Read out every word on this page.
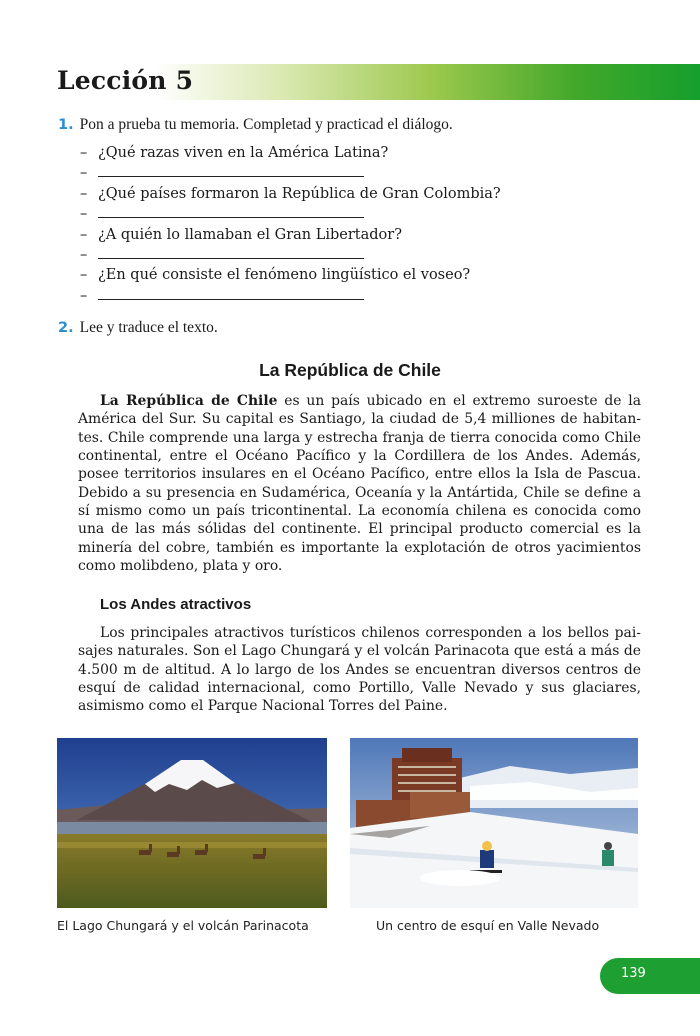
Lección 5
1. Pon a prueba tu memoria. Completad y practicad el diálogo.
– ¿Qué razas viven en la América Latina?
–
– ¿Qué países formaron la República de Gran Colombia?
–
– ¿A quién lo llamaban el Gran Libertador?
–
– ¿En qué consiste el fenómeno lingüístico el voseo?
–
2. Lee y traduce el texto.
La República de Chile

La República de Chile es un país ubicado en el extremo suroeste de la América del Sur. Su capital es Santiago, la ciudad de 5,4 milliones de habitantes. Chile comprende una larga y estrecha franja de tierra conocida como Chile continental, entre el Océano Pacífico y la Cordillera de los Andes. Además, posee territorios insulares en el Océano Pacífico, entre ellos la Isla de Pascua. Debido a su presencia en Sudamérica, Oceanía y la Antártida, Chile se define a sí mismo como un país tricontinental. La economía chilena es conocida como una de las más sólidas del continente. El principal producto comercial es la minería del cobre, también es importante la explotación de otros yacimientos como molibdeno, plata y oro.

Los Andes atractivos

Los principales atractivos turísticos chilenos corresponden a los bellos paisajes naturales. Son el Lago Chungará y el volcán Parinacota que está a más de 4.500 m de altitud. A lo largo de los Andes se encuentran diversos centros de esquí de calidad internacional, como Portillo, Valle Nevado y sus glaciares, asimismo como el Parque Nacional Torres del Paine.

El Lago Chungará y el volcán Parinacota	Un centro de esquí en Valle Nevado
139
